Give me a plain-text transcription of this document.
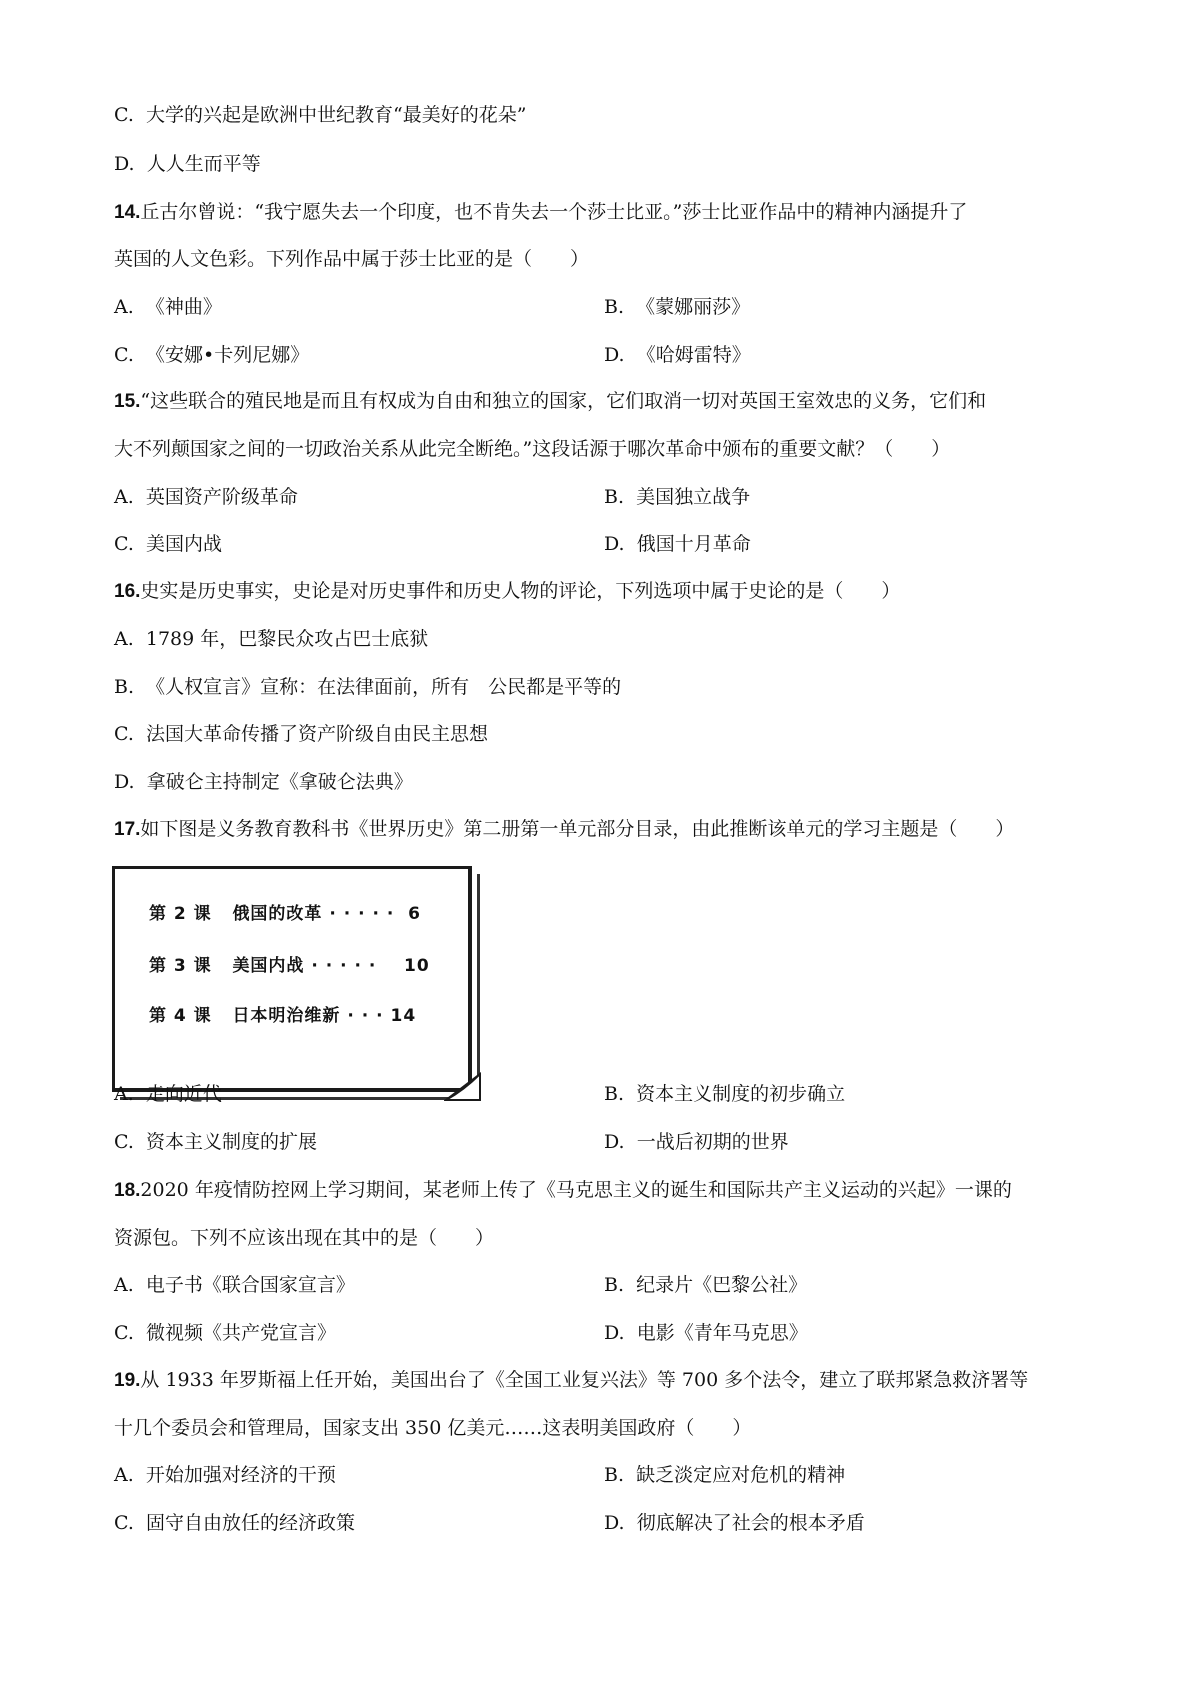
C. 大学的兴起是欧洲中世纪教育“最美好的花朵”
D. 人人生而平等
14.丘古尔曾说：“我宁愿失去一个印度，也不肯失去一个莎士比亚。”莎士比亚作品中的精神内涵提升了
英国的人文色彩。下列作品中属于莎士比亚的是（　　）
A. 《神曲》	B. 《蒙娜丽莎》
C. 《安娜•卡列尼娜》	D. 《哈姆雷特》
15.“这些联合的殖民地是而且有权成为自由和独立的国家，它们取消一切对英国王室效忠的义务，它们和
大不列颠国家之间的一切政治关系从此完全断绝。”这段话源于哪次革命中颁布的重要文献？（　　）
A. 英国资产阶级革命	B. 美国独立战争
C. 美国内战	D. 俄国十月革命
16.史实是历史事实，史论是对历史事件和历史人物的评论，下列选项中属于史论的是（　　）
A. 1789 年，巴黎民众攻占巴士底狱
B. 《人权宣言》宣称：在法律面前，所有　公民都是平等的
C. 法国大革命传播了资产阶级自由民主思想
D. 拿破仑主持制定《拿破仑法典》
17.如下图是义务教育教科书《世界历史》第二册第一单元部分目录，由此推断该单元的学习主题是（　　）
第 2 课 俄国的改革 · · · · · 6
第 3 课 美国内战 · · · · · 10
第 4 课 日本明治维新 · · · 14
A. 走向近代	B. 资本主义制度的初步确立
C. 资本主义制度的扩展	D. 一战后初期的世界
18.2020 年疫情防控网上学习期间，某老师上传了《马克思主义的诞生和国际共产主义运动的兴起》一课的
资源包。下列不应该出现在其中的是（　　）
A. 电子书《联合国家宣言》	B. 纪录片《巴黎公社》
C. 微视频《共产党宣言》	D. 电影《青年马克思》
19.从 1933 年罗斯福上任开始，美国出台了《全国工业复兴法》等 700 多个法令，建立了联邦紧急救济署等
十几个委员会和管理局，国家支出 350 亿美元……这表明美国政府（　　）
A. 开始加强对经济的干预	B. 缺乏淡定应对危机的精神
C. 固守自由放任的经济政策	D. 彻底解决了社会的根本矛盾
